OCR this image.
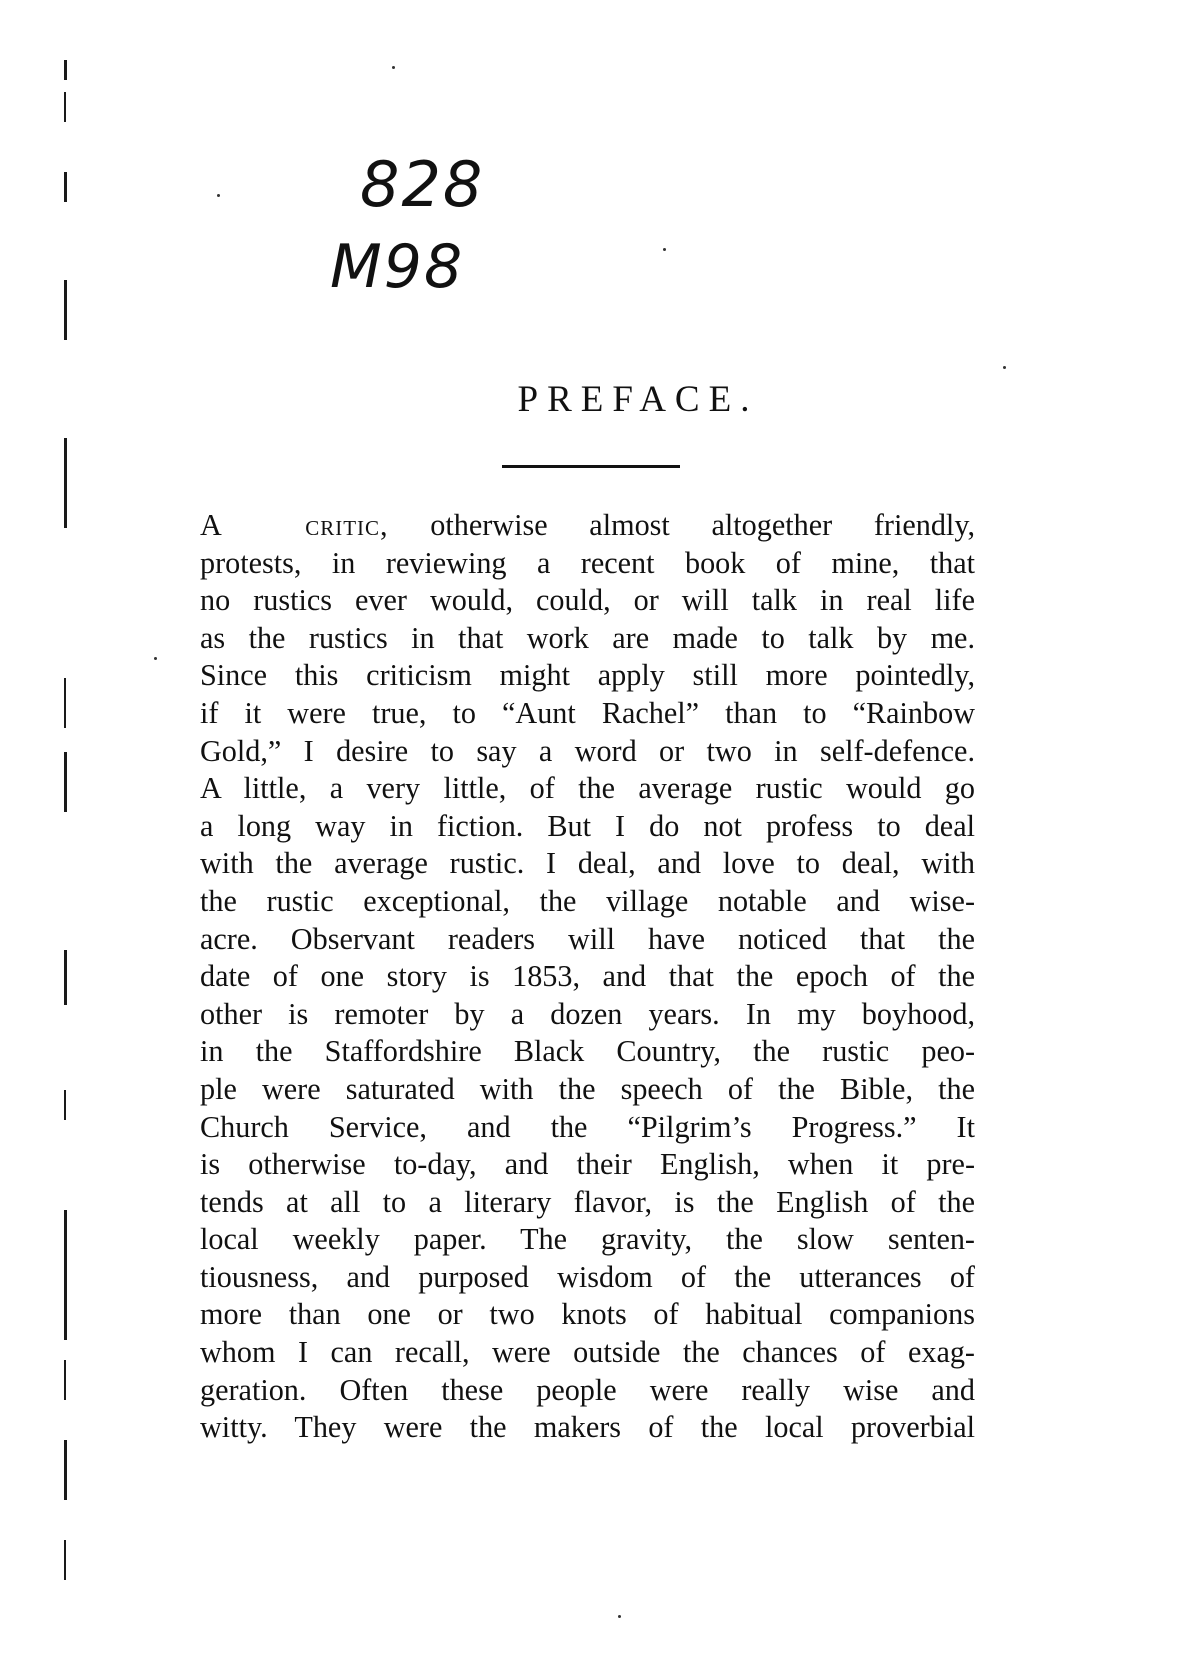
828
M98
PREFACE.
A	critic, otherwise almost altogether friendly,
protests, in reviewing a recent book of mine, that
no rustics ever would, could, or will talk in real life
as the rustics in that work are made to talk by me.
Since this criticism might apply still more pointedly,
if it were true, to “Aunt Rachel” than to “Rainbow
Gold,” I desire to say a word or two in self-defence.
A little, a very little, of the average rustic would go
a long way in fiction. But I do not profess to deal
with the average rustic. I deal, and love to deal, with
the rustic exceptional, the village notable and wise-
acre. Observant readers will have noticed that the
date of one story is 1853, and that the epoch of the
other is remoter by a dozen years. In my boyhood,
in the Staffordshire Black Country, the rustic peo-
ple were saturated with the speech of the Bible, the
Church Service, and the “Pilgrim’s Progress.” It
is otherwise to-day, and their English, when it pre-
tends at all to a literary flavor, is the English of the
local weekly paper. The gravity, the slow senten-
tiousness, and purposed wisdom of the utterances of
more than one or two knots of habitual companions
whom I can recall, were outside the chances of exag-
geration. Often these people were really wise and
witty. They were the makers of the local proverbial
